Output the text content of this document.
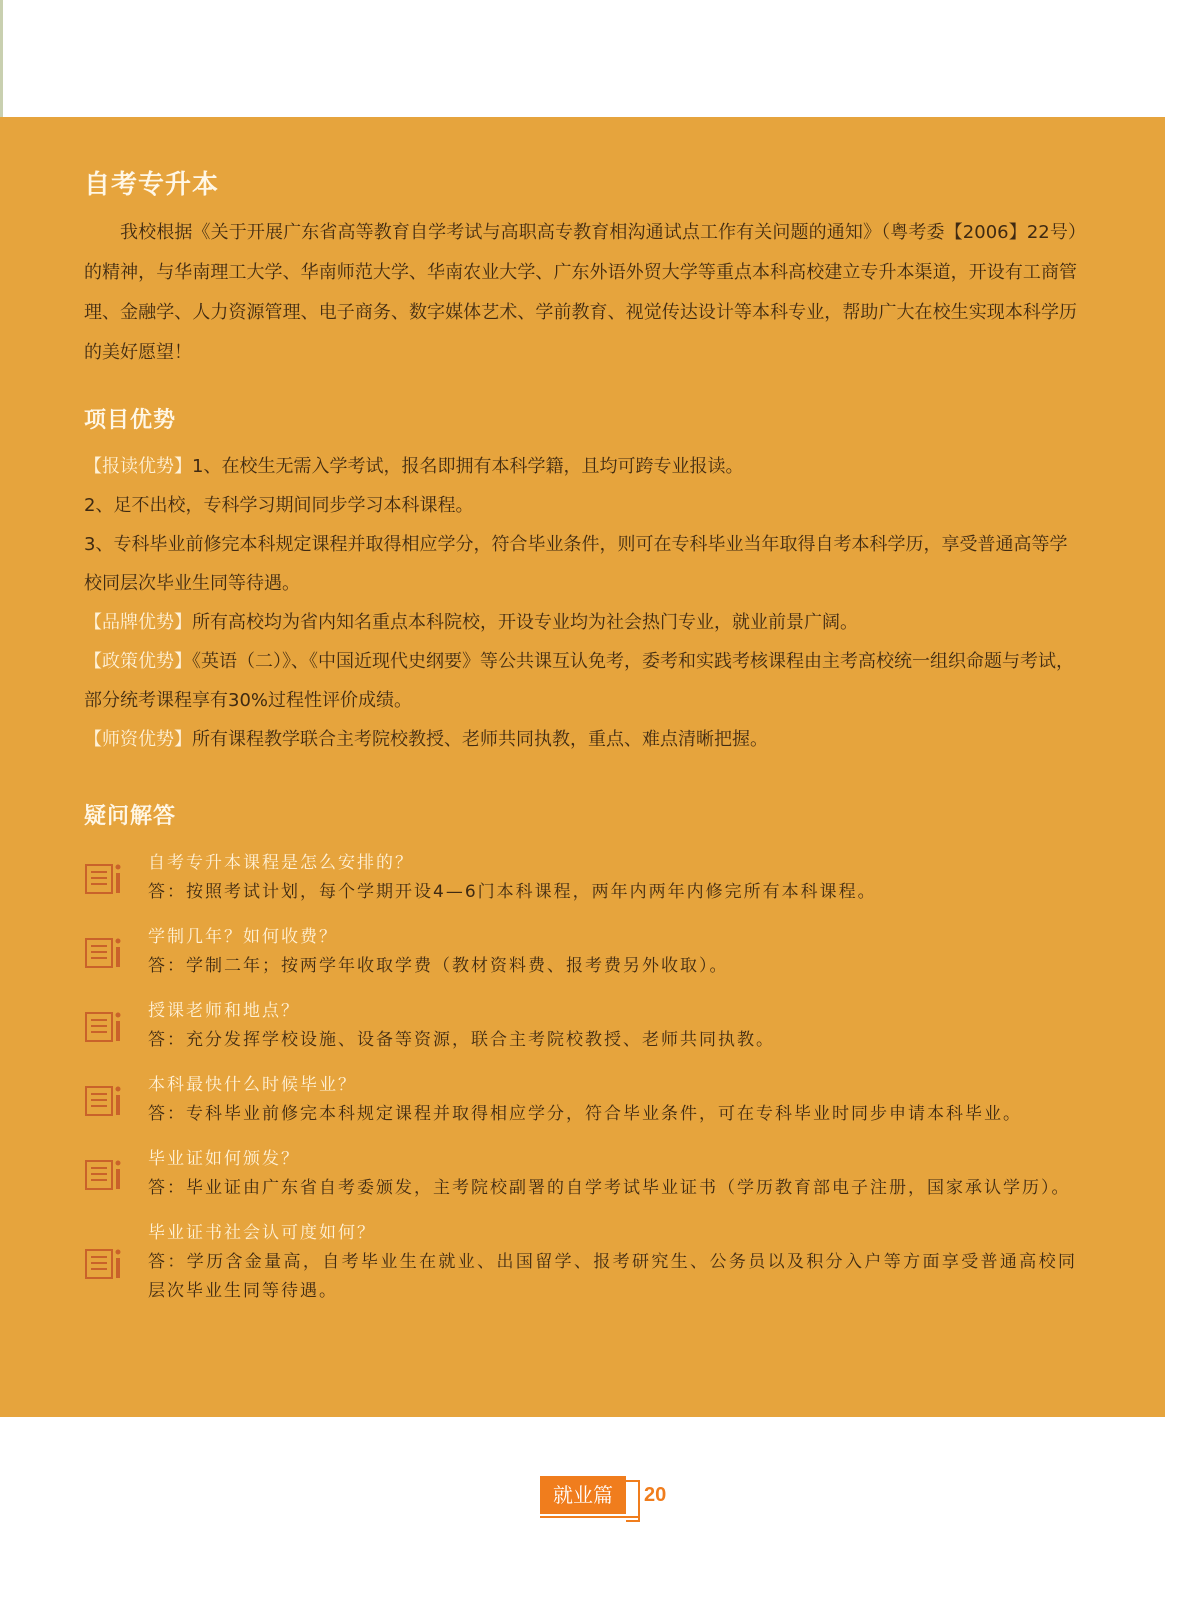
自考专升本

我校根据《关于开展广东省高等教育自学考试与高职高专教育相沟通试点工作有关问题的通知》（粤考委【2006】22号）的精神，与华南理工大学、华南师范大学、华南农业大学、广东外语外贸大学等重点本科高校建立专升本渠道，开设有工商管理、金融学、人力资源管理、电子商务、数字媒体艺术、学前教育、视觉传达设计等本科专业，帮助广大在校生实现本科学历的美好愿望！

项目优势

【报读优势】1、在校生无需入学考试，报名即拥有本科学籍，且均可跨专业报读。

2、足不出校，专科学习期间同步学习本科课程。

3、专科毕业前修完本科规定课程并取得相应学分，符合毕业条件，则可在专科毕业当年取得自考本科学历，享受普通高等学校同层次毕业生同等待遇。

【品牌优势】所有高校均为省内知名重点本科院校，开设专业均为社会热门专业，就业前景广阔。

【政策优势】《英语（二）》、《中国近现代史纲要》等公共课互认免考，委考和实践考核课程由主考高校统一组织命题与考试，部分统考课程享有30%过程性评价成绩。

【师资优势】所有课程教学联合主考院校教授、老师共同执教，重点、难点清晰把握。

疑问解答

自考专升本课程是怎么安排的？

答：按照考试计划，每个学期开设4—6门本科课程，两年内两年内修完所有本科课程。

学制几年？如何收费？

答：学制二年；按两学年收取学费（教材资料费、报考费另外收取）。

授课老师和地点？

答：充分发挥学校设施、设备等资源，联合主考院校教授、老师共同执教。

本科最快什么时候毕业？

答：专科毕业前修完本科规定课程并取得相应学分，符合毕业条件，可在专科毕业时同步申请本科毕业。

毕业证如何颁发？

答：毕业证由广东省自考委颁发，主考院校副署的自学考试毕业证书（学历教育部电子注册，国家承认学历）。

毕业证书社会认可度如何？

答：学历含金量高，自考毕业生在就业、出国留学、报考研究生、公务员以及积分入户等方面享受普通高校同层次毕业生同等待遇。

就业篇	20
